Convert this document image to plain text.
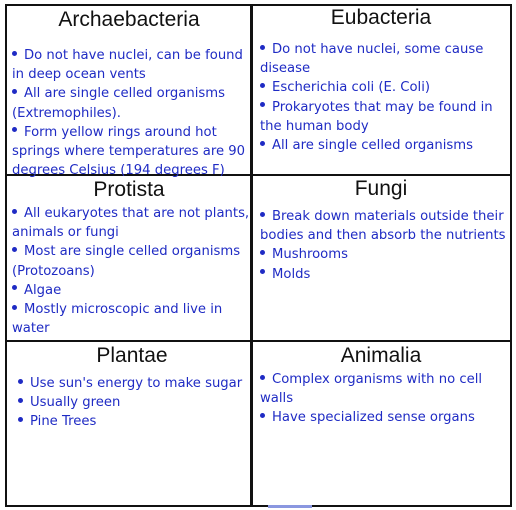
Archaebacteria
Do not have nuclei, can be found in deep ocean vents
All are single celled organisms (Extremophiles).
Form yellow rings around hot springs where temperatures are 90 degrees Celsius (194 degrees F)
Eubacteria
Do not have nuclei, some cause disease
Escherichia coli (E. Coli)
Prokaryotes that may be found in the human body
All are single celled organisms
Protista
All eukaryotes that are not plants, animals or fungi
Most are single celled organisms (Protozoans)
Algae
Mostly microscopic and live in water
Fungi
Break down materials outside their bodies and then absorb the nutrients
Mushrooms
Molds
Plantae
Use sun's energy to make sugar
Usually green
Pine Trees
Animalia
Complex organisms with no cell walls
Have specialized sense organs
